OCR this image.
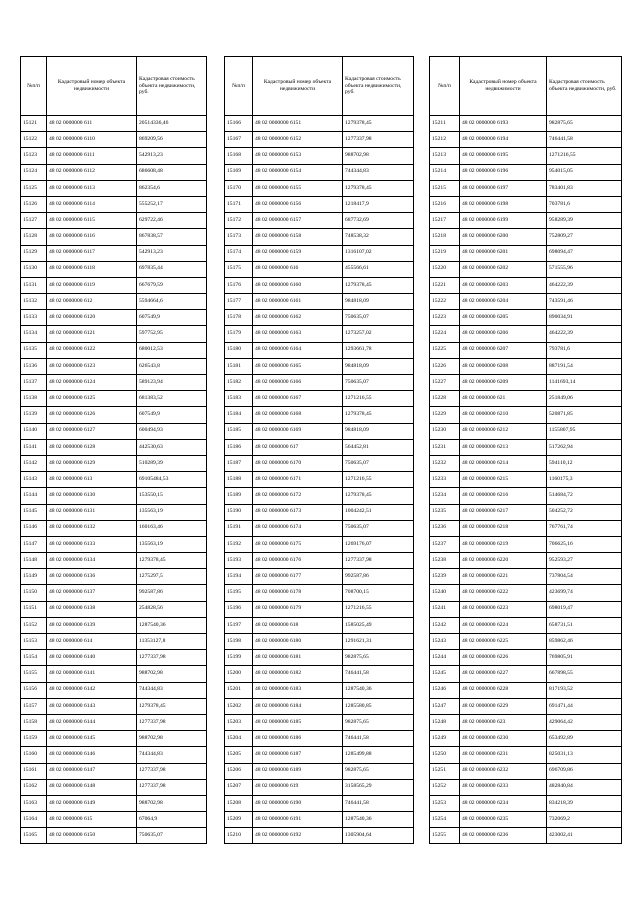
№п/п	Кадастровый номер объекта недвижимости	Кадастровая стоимость объекта недвижимости, руб.
15121	48 02 0000000 611	20514336,46
15122	48 02 0000000 6110	869209,56
15123	48 02 0000000 6111	542913,23
15124	48 02 0000000 6112	686608,48
15125	48 02 0000000 6113	862354,6
15126	48 02 0000000 6114	555252,17
15127	48 02 0000000 6115	629722,46
15128	48 02 0000000 6116	867838,57
15129	48 02 0000000 6117	542913,23
15130	48 02 0000000 6118	697835,44
15131	48 02 0000000 6119	667679,59
15132	48 02 0000000 612	5594664,6
15133	48 02 0000000 6120	607549,9
15134	48 02 0000000 6121	597752,95
15135	48 02 0000000 6122	680012,53
15136	48 02 0000000 6123	626543,8
15137	48 02 0000000 6124	589123,94
15138	48 02 0000000 6125	681383,52
15139	48 02 0000000 6126	607549,9
15140	48 02 0000000 6127	600494,93
15141	48 02 0000000 6128	442530,63
15142	48 02 0000000 6129	510289,39
15143	48 02 0000000 613	69105484,53
15144	48 02 0000000 6130	153550,15
15145	48 02 0000000 6131	135563,19
15146	48 02 0000000 6132	160163,46
15147	48 02 0000000 6133	135563,19
15148	48 02 0000000 6134	1279378,45
15149	48 02 0000000 6136	1275297,5
15150	48 02 0000000 6137	992587,86
15151	48 02 0000000 6138	254828,56
15152	48 02 0000000 6139	1287540,36
15153	48 02 0000000 614	11353127,8
15154	48 02 0000000 6140	1277337,98
15155	48 02 0000000 6141	988702,98
15156	48 02 0000000 6142	744344,83
15157	48 02 0000000 6143	1279378,45
15158	48 02 0000000 6144	1277337,98
15159	48 02 0000000 6145	988702,98
15160	48 02 0000000 6146	744344,83
15161	48 02 0000000 6147	1277337,98
15162	48 02 0000000 6148	1277337,98
15163	48 02 0000000 6149	988702,98
15164	48 02 0000000 615	67064,9
15165	48 02 0000000 6150	750635,07
№п/п	Кадастровый номер объекта недвижимости	Кадастровая стоимость объекта недвижимости, руб.
15166	48 02 0000000 6151	1279378,45
15167	48 02 0000000 6152	1277337,98
15168	48 02 0000000 6153	988702,98
15169	48 02 0000000 6154	744344,83
15170	48 02 0000000 6155	1279378,45
15171	48 02 0000000 6156	1218417,9
15172	48 02 0000000 6157	687732,69
15173	48 02 0000000 6158	748538,32
15174	48 02 0000000 6159	1316107,02
15175	48 02 0000000 616	455566,61
15176	48 02 0000000 6160	1279378,45
15177	48 02 0000000 6161	984818,09
15178	48 02 0000000 6162	750635,07
15179	48 02 0000000 6163	1273257,02
15180	48 02 0000000 6164	1293661,78
15181	48 02 0000000 6165	984818,09
15182	48 02 0000000 6166	750635,07
15183	48 02 0000000 6167	1271216,55
15184	48 02 0000000 6168	1279378,45
15185	48 02 0000000 6169	984818,09
15186	48 02 0000000 617	564452,81
15187	48 02 0000000 6170	750635,07
15188	48 02 0000000 6171	1271216,55
15189	48 02 0000000 6172	1279378,45
15190	48 02 0000000 6173	1004242,51
15191	48 02 0000000 6174	750635,07
15192	48 02 0000000 6175	1269176,07
15193	48 02 0000000 6176	1277337,98
15194	48 02 0000000 6177	992587,86
15195	48 02 0000000 6178	708700,15
15196	48 02 0000000 6179	1271216,55
15197	48 02 0000000 618	1585025,49
15198	48 02 0000000 6180	1291621,31
15199	48 02 0000000 6181	982875,65
15200	48 02 0000000 6182	746441,58
15201	48 02 0000000 6183	1287540,36
15202	48 02 0000000 6184	1285580,85
15203	48 02 0000000 6185	982875,65
15204	48 02 0000000 6186	746441,58
15205	48 02 0000000 6187	1285499,88
15206	48 02 0000000 6189	982875,65
15207	48 02 0000000 619	3158565,29
15208	48 02 0000000 6190	746441,58
15209	48 02 0000000 6191	1287540,36
15210	48 02 0000000 6192	1305904,64
№п/п	Кадастровый номер объекта недвижимости	Кадастровая стоимость объекта недвижимости, руб.
15211	48 02 0000000 6193	982875,65
15212	48 02 0000000 6194	746441,58
15213	48 02 0000000 6195	1271216,55
15214	48 02 0000000 6196	954015,05
15215	48 02 0000000 6197	783401,83
15216	48 02 0000000 6198	703781,6
15217	48 02 0000000 6199	958289,39
15218	48 02 0000000 6200	752809,27
15219	48 02 0000000 6201	698094,47
15220	48 02 0000000 6202	571555,96
15221	48 02 0000000 6203	464222,39
15222	48 02 0000000 6204	743591,46
15223	48 02 0000000 6205	890034,91
15224	48 02 0000000 6206	464222,39
15225	48 02 0000000 6207	793781,6
15226	48 02 0000000 6208	887191,54
15227	48 02 0000000 6209	1141693,14
15228	48 02 0000000 621	251849,06
15229	48 02 0000000 6210	520871,85
15230	48 02 0000000 6212	1155807,95
15231	48 02 0000000 6213	517262,94
15232	48 02 0000000 6214	594110,12
15233	48 02 0000000 6215	1160175,3
15234	48 02 0000000 6216	514684,72
15235	48 02 0000000 6217	504252,72
15236	48 02 0000000 6218	767761,74
15237	48 02 0000000 6219	706625,16
15238	48 02 0000000 6220	952593,27
15239	48 02 0000000 6221	737804,54
15240	48 02 0000000 6222	423699,74
15241	48 02 0000000 6223	698019,47
15242	48 02 0000000 6224	658731,51
15243	48 02 0000000 6225	859862,46
15244	48 02 0000000 6226	769805,91
15245	48 02 0000000 6227	667898,55
15246	48 02 0000000 6228	817193,52
15247	48 02 0000000 6229	691471,44
15248	48 02 0000000 623	429064,42
15249	48 02 0000000 6230	653492,89
15250	48 02 0000000 6231	825031,13
15251	48 02 0000000 6232	696709,86
15252	48 02 0000000 6233	482840,84
15253	48 02 0000000 6234	834218,39
15254	48 02 0000000 6235	732069,2
15255	48 02 0000000 6236	423002,41
